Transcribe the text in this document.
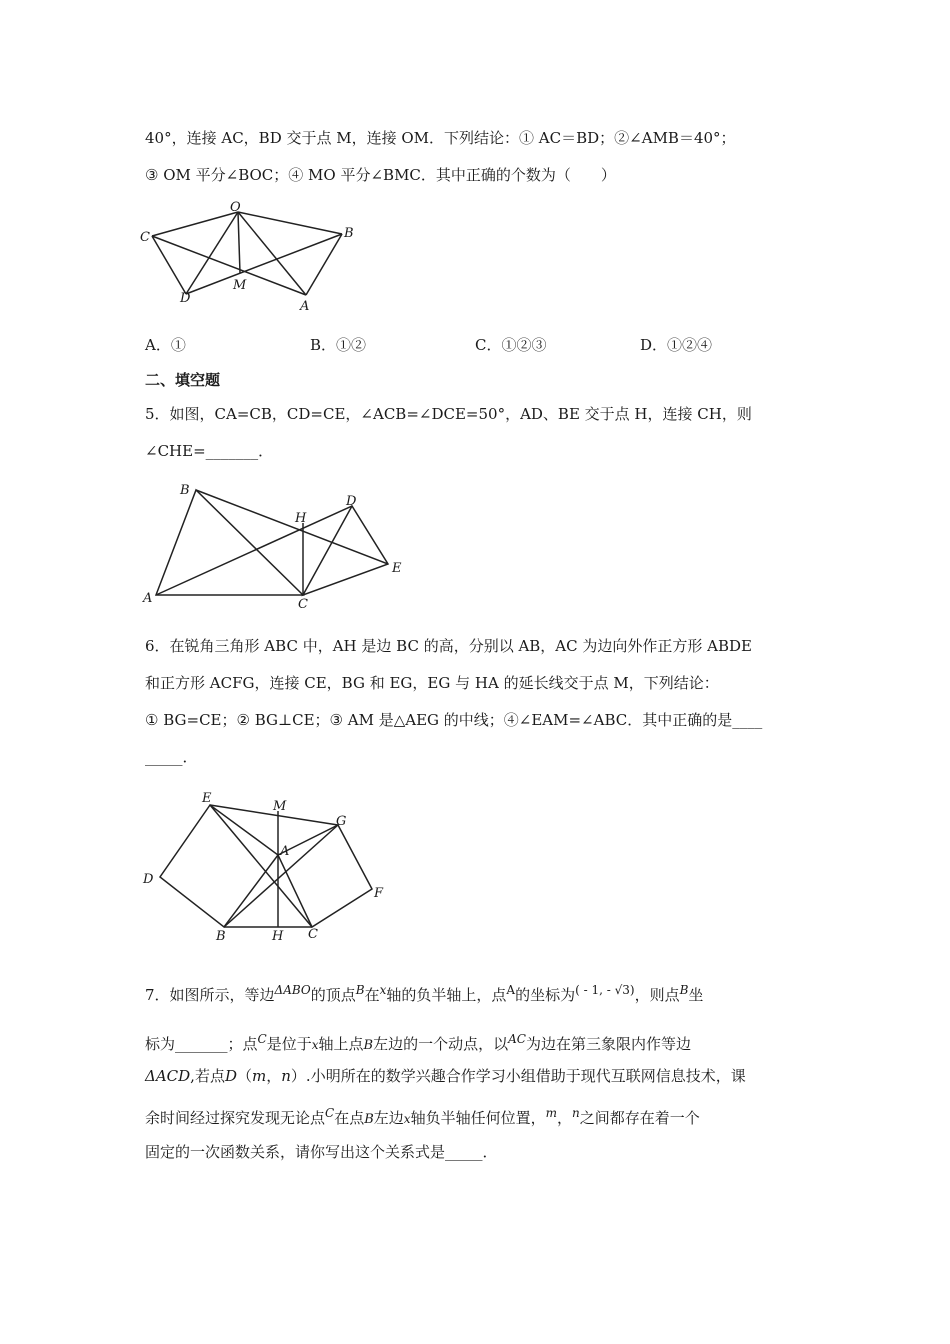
40°，连接 AC，BD 交于点 M，连接 OM．下列结论：① AC＝BD；②∠AMB＝40°；
③ OM 平分∠BOC；④ MO 平分∠BMC．其中正确的个数为（　　）
O
C	B
M
D
A
A．①	B．①②	C．①②③	D．①②④
二、填空题
5．如图，CA=CB，CD=CE，∠ACB=∠DCE=50°，AD、BE 交于点 H，连接 CH，则
∠CHE=_______．
B
H
D
E
A	C
6．在锐角三角形 ABC 中，AH 是边 BC 的高，分别以 AB，AC 为边向外作正方形 ABDE
和正方形 ACFG，连接 CE，BG 和 EG，EG 与 HA 的延长线交于点 M，下列结论：
① BG=CE；② BG⊥CE；③ AM 是△AEG 的中线；④∠EAM=∠ABC．其中正确的是____
_____．
E
M
G
A
D
F
B	H C
7．如图所示，等边$^{\Delta ABO}$的顶点$^B$在$^x$轴的负半轴上，点$^A$的坐标为$^{( - 1, - √3)}$，则点$^B$坐
标为_______；点$^C$是位于x轴上点B左边的一个动点，以$^{AC}$为边在第三象限内作等边
ΔACD,若点D（m，n）.小明所在的数学兴趣合作学习小组借助于现代互联网信息技术，课
余时间经过探究发现无论点$^C$在点B左边x轴负半轴任何位置，$^m$，$^n$之间都存在着一个
固定的一次函数关系，请你写出这个关系式是_____．
